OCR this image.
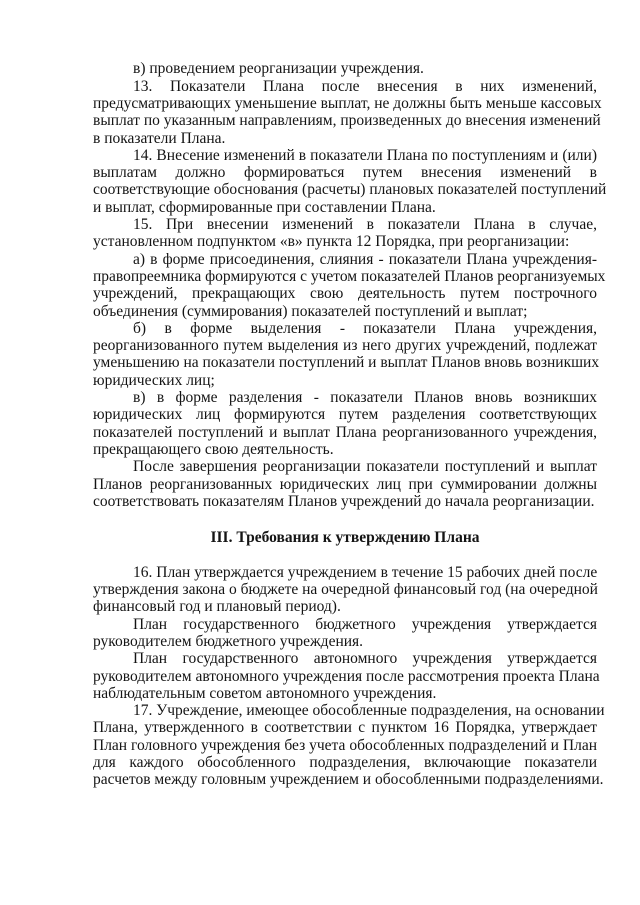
в) проведением реорганизации учреждения.
13. Показатели Плана после внесения в них изменений,
предусматривающих уменьшение выплат, не должны быть меньше кассовых
выплат по указанным направлениям, произведенных до внесения изменений
в показатели Плана.
14. Внесение изменений в показатели Плана по поступлениям и (или)
выплатам должно формироваться путем внесения изменений в
соответствующие обоснования (расчеты) плановых показателей поступлений
и выплат, сформированные при составлении Плана.
15. При внесении изменений в показатели Плана в случае,
установленном подпунктом «в» пункта 12 Порядка, при реорганизации:
а) в форме присоединения, слияния - показатели Плана учреждения-
правопреемника формируются с учетом показателей Планов реорганизуемых
учреждений, прекращающих свою деятельность путем построчного
объединения (суммирования) показателей поступлений и выплат;
б) в форме выделения - показатели Плана учреждения,
реорганизованного путем выделения из него других учреждений, подлежат
уменьшению на показатели поступлений и выплат Планов вновь возникших
юридических лиц;
в) в форме разделения - показатели Планов вновь возникших
юридических лиц формируются путем разделения соответствующих
показателей поступлений и выплат Плана реорганизованного учреждения,
прекращающего свою деятельность.
После завершения реорганизации показатели поступлений и выплат
Планов реорганизованных юридических лиц при суммировании должны
соответствовать показателям Планов учреждений до начала реорганизации.
III. Требования к утверждению Плана
16. План утверждается учреждением в течение 15 рабочих дней после
утверждения закона о бюджете на очередной финансовый год (на очередной
финансовый год и плановый период).
План государственного бюджетного учреждения утверждается
руководителем бюджетного учреждения.
План государственного автономного учреждения утверждается
руководителем автономного учреждения после рассмотрения проекта Плана
наблюдательным советом автономного учреждения.
17. Учреждение, имеющее обособленные подразделения, на основании
Плана, утвержденного в соответствии с пунктом 16 Порядка, утверждает
План головного учреждения без учета обособленных подразделений и План
для каждого обособленного подразделения, включающие показатели
расчетов между головным учреждением и обособленными подразделениями.
